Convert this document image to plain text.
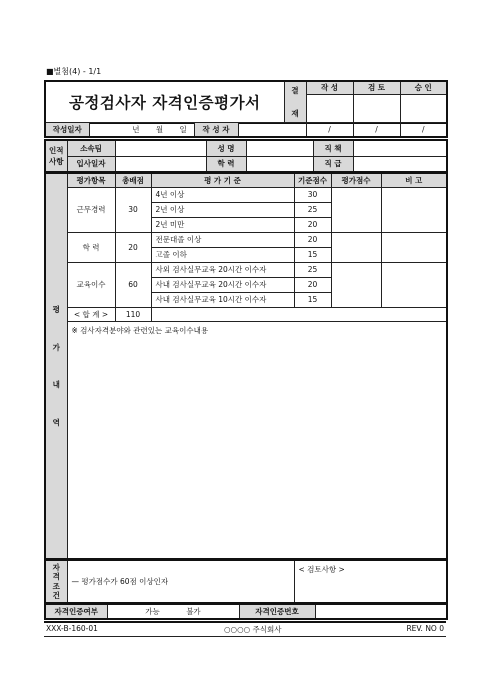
■별첨(4) - 1/1
공정검사자 자격인증평가서	결

재	작 성	검 토	승 인

작성일자	년 월 일	작 성 자		/	/	/
인적
사항	소속팀		성 명		직 책	
	입사일자		학 력		직 급	
평
가
내
역	평가항목	총배점	평 가 기 준	기준점수	평가점수	비 고
	근무경력	30	4년 이상	30		
			2년 이상	25		
			2년 미만	20		
	학 력	20	전문대졸 이상	20		
			고졸 이하	15		
	교육이수	60	사외 검사실무교육 20시간 이수자	25		
			사내 검사실무교육 20시간 이수자	20		
			사내 검사실무교육 10시간 이수자	15		
	< 합 계 >	110				
	※ 검사자격분야와 관련있는 교육이수내용					
자
격
조
건
	— 평가점수가 60점 이상인자	< 검토사항 >
자격인증여부	가능	불가	자격인증번호	
XXX-B-160-01	○○○○ 주식회사	REV. NO 0
